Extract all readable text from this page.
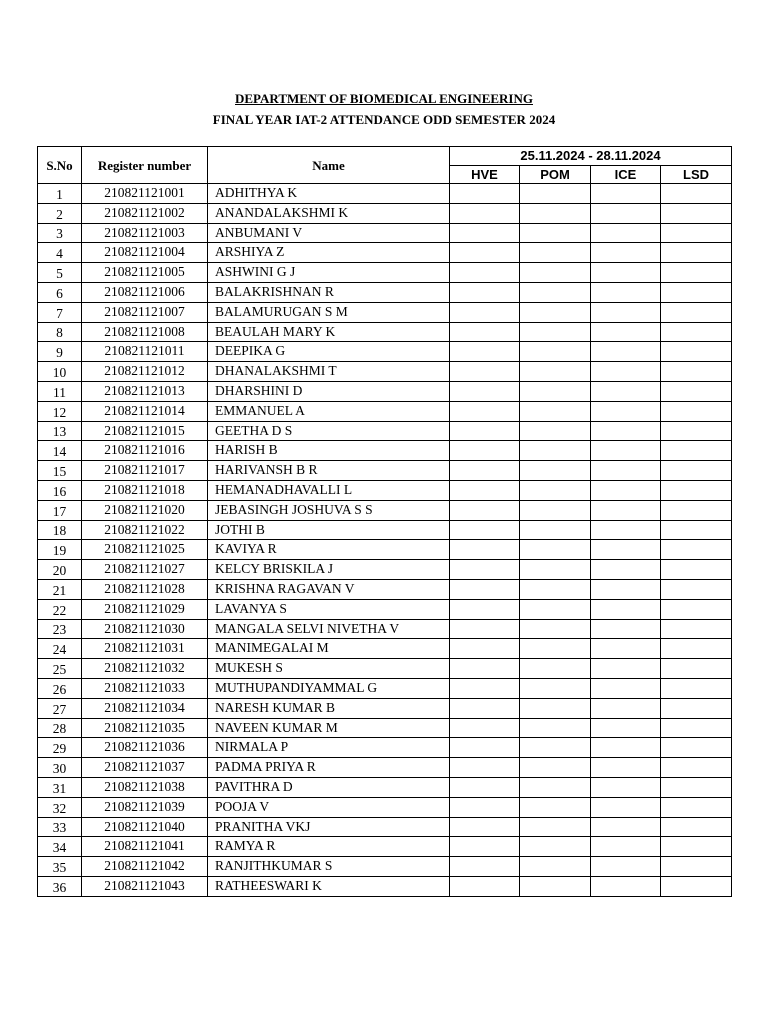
DEPARTMENT OF BIOMEDICAL ENGINEERING
FINAL YEAR IAT-2 ATTENDANCE ODD SEMESTER 2024
S.No	Register number	Name	25.11.2024 - 28.11.2024			
			HVE	POM	ICE	LSD
1	210821121001	ADHITHYA K				
2	210821121002	ANANDALAKSHMI K				
3	210821121003	ANBUMANI V				
4	210821121004	ARSHIYA Z				
5	210821121005	ASHWINI G J				
6	210821121006	BALAKRISHNAN R				
7	210821121007	BALAMURUGAN S M				
8	210821121008	BEAULAH MARY K				
9	210821121011	DEEPIKA G				
10	210821121012	DHANALAKSHMI T				
11	210821121013	DHARSHINI D				
12	210821121014	EMMANUEL A				
13	210821121015	GEETHA D S				
14	210821121016	HARISH B				
15	210821121017	HARIVANSH B R				
16	210821121018	HEMANADHAVALLI L				
17	210821121020	JEBASINGH JOSHUVA S S				
18	210821121022	JOTHI B				
19	210821121025	KAVIYA R				
20	210821121027	KELCY BRISKILA J				
21	210821121028	KRISHNA RAGAVAN V				
22	210821121029	LAVANYA S				
23	210821121030	MANGALA SELVI NIVETHA V				
24	210821121031	MANIMEGALAI M				
25	210821121032	MUKESH S				
26	210821121033	MUTHUPANDIYAMMAL G				
27	210821121034	NARESH KUMAR B				
28	210821121035	NAVEEN KUMAR M				
29	210821121036	NIRMALA P				
30	210821121037	PADMA PRIYA R				
31	210821121038	PAVITHRA D				
32	210821121039	POOJA V				
33	210821121040	PRANITHA VKJ				
34	210821121041	RAMYA R				
35	210821121042	RANJITHKUMAR S				
36	210821121043	RATHEESWARI K				
